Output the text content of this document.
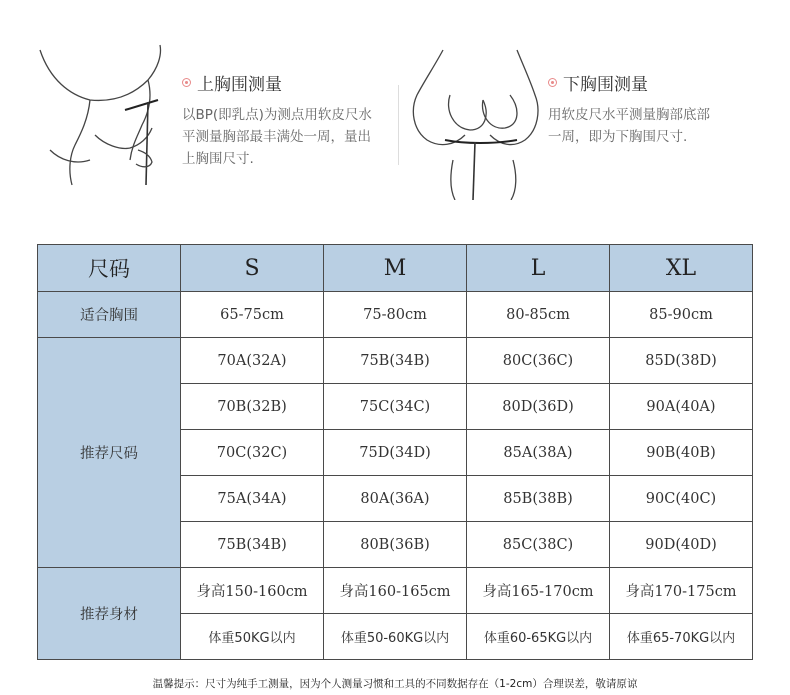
上胸围测量
以BP(即乳点)为测点用软皮尺水平测量胸部最丰满处一周，量出上胸围尺寸.
下胸围测量
用软皮尺水平测量胸部底部一周，即为下胸围尺寸.
尺码	S	M	L	XL
适合胸围	65-75cm	75-80cm	80-85cm	85-90cm
推荐尺码	70A(32A)	75B(34B)	80C(36C)	85D(38D)
	70B(32B)	75C(34C)	80D(36D)	90A(40A)
	70C(32C)	75D(34D)	85A(38A)	90B(40B)
	75A(34A)	80A(36A)	85B(38B)	90C(40C)
	75B(34B)	80B(36B)	85C(38C)	90D(40D)
推荐身材	身高150-160cm	身高160-165cm	身高165-170cm	身高170-175cm
	体重50KG以内	体重50-60KG以内	体重60-65KG以内	体重65-70KG以内
温馨提示：尺寸为纯手工测量，因为个人测量习惯和工具的不同数据存在（1-2cm）合理误差，敬请原谅
